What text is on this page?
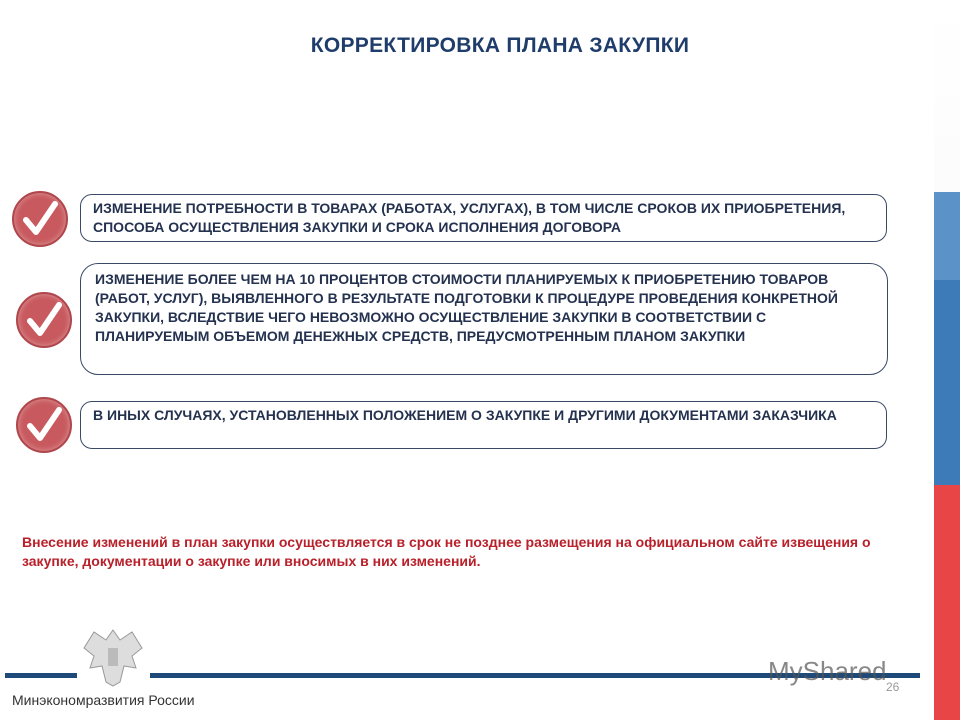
КОРРЕКТИРОВКА ПЛАНА ЗАКУПКИ
ИЗМЕНЕНИЕ ПОТРЕБНОСТИ В ТОВАРАХ (РАБОТАХ, УСЛУГАХ), В ТОМ ЧИСЛЕ СРОКОВ ИХ ПРИОБРЕТЕНИЯ, СПОСОБА ОСУЩЕСТВЛЕНИЯ ЗАКУПКИ И СРОКА ИСПОЛНЕНИЯ ДОГОВОРА
ИЗМЕНЕНИЕ БОЛЕЕ ЧЕМ НА 10 ПРОЦЕНТОВ СТОИМОСТИ ПЛАНИРУЕМЫХ К ПРИОБРЕТЕНИЮ ТОВАРОВ (РАБОТ, УСЛУГ), ВЫЯВЛЕННОГО В РЕЗУЛЬТАТЕ ПОДГОТОВКИ К ПРОЦЕДУРЕ ПРОВЕДЕНИЯ КОНКРЕТНОЙ ЗАКУПКИ, ВСЛЕДСТВИЕ ЧЕГО НЕВОЗМОЖНО ОСУЩЕСТВЛЕНИЕ ЗАКУПКИ В СООТВЕТСТВИИ С ПЛАНИРУЕМЫМ ОБЪЕМОМ ДЕНЕЖНЫХ СРЕДСТВ, ПРЕДУСМОТРЕННЫМ ПЛАНОМ ЗАКУПКИ
В ИНЫХ СЛУЧАЯХ, УСТАНОВЛЕННЫХ ПОЛОЖЕНИЕМ О ЗАКУПКЕ И ДРУГИМИ ДОКУМЕНТАМИ ЗАКАЗЧИКА
Внесение изменений в план закупки осуществляется в срок не позднее размещения на официальном сайте извещения о закупке, документации о закупке или вносимых в них изменений.
Минэкономразвития России
MyShared
26
